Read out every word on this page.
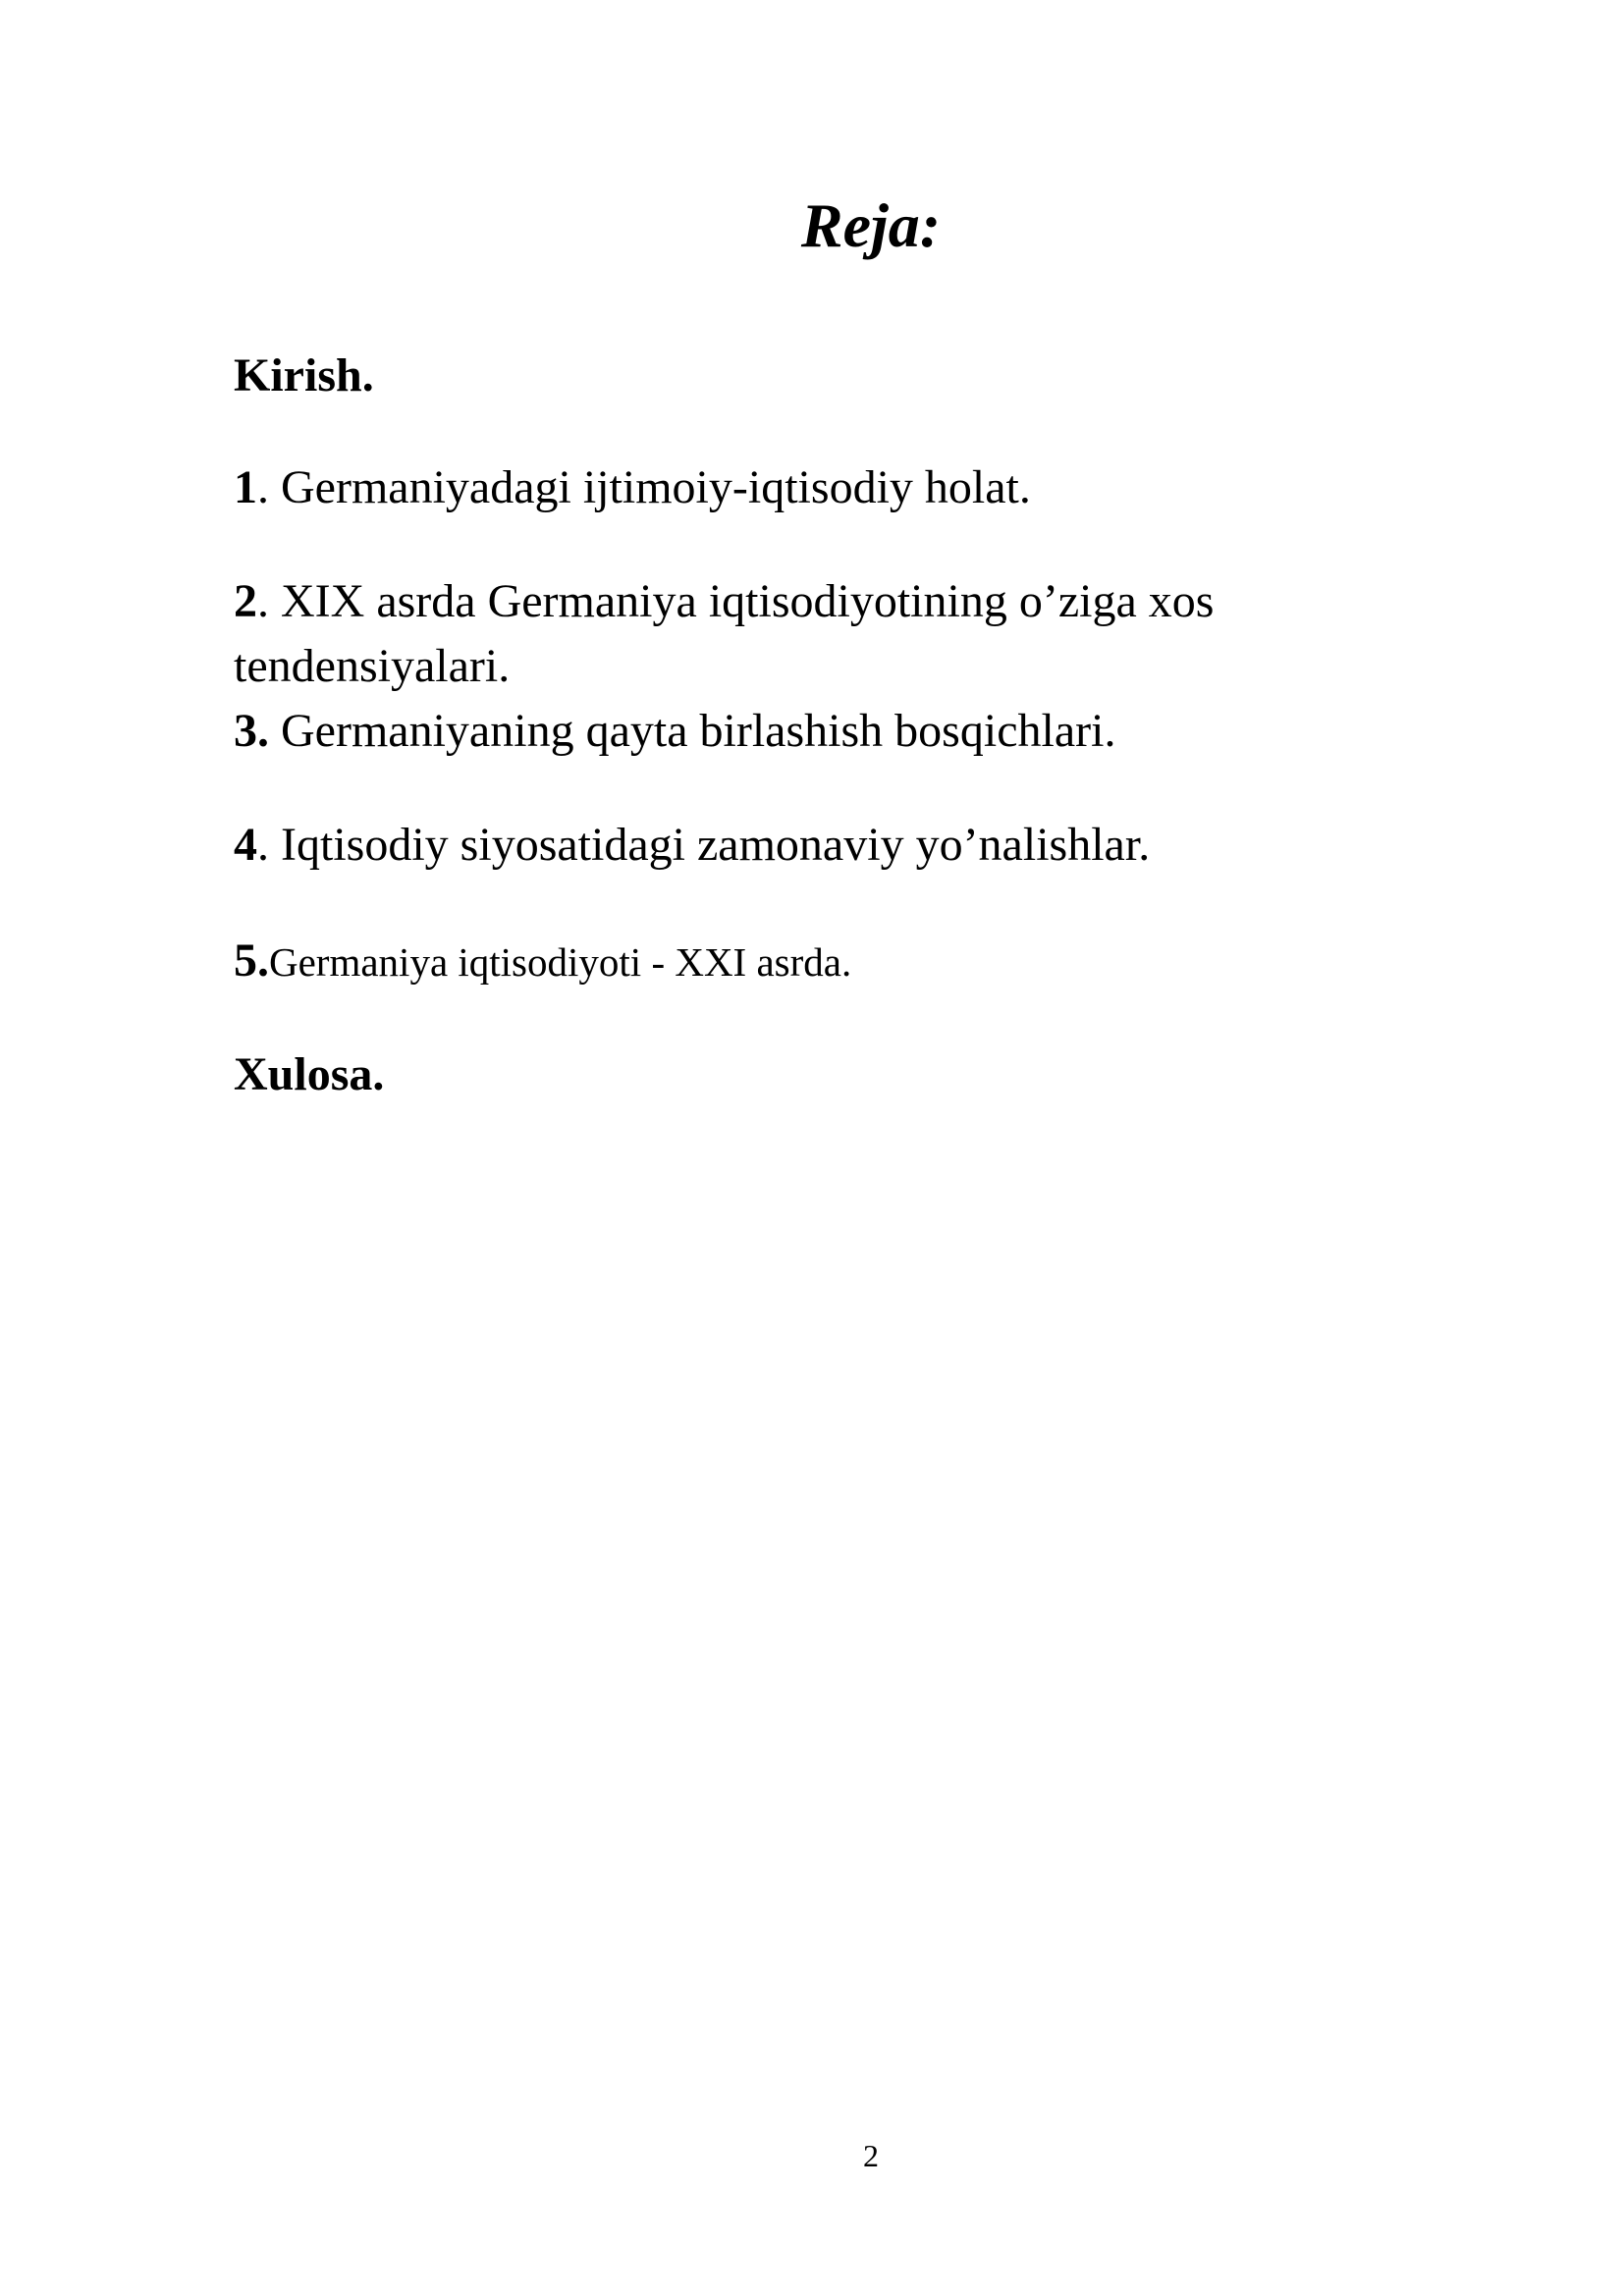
Reja:
Kirish.
1. Germaniyadagi ijtimoiy-iqtisodiy holat.
2. XIX asrda Germaniya iqtisodiyotining o’ziga xos
tendensiyalari.
3. Germaniyaning qayta birlashish bosqichlari.
4. Iqtisodiy siyosatidagi zamonaviy yo’nalishlar.
5.Germaniya iqtisodiyoti - XXI asrda.
Xulosa.
2
